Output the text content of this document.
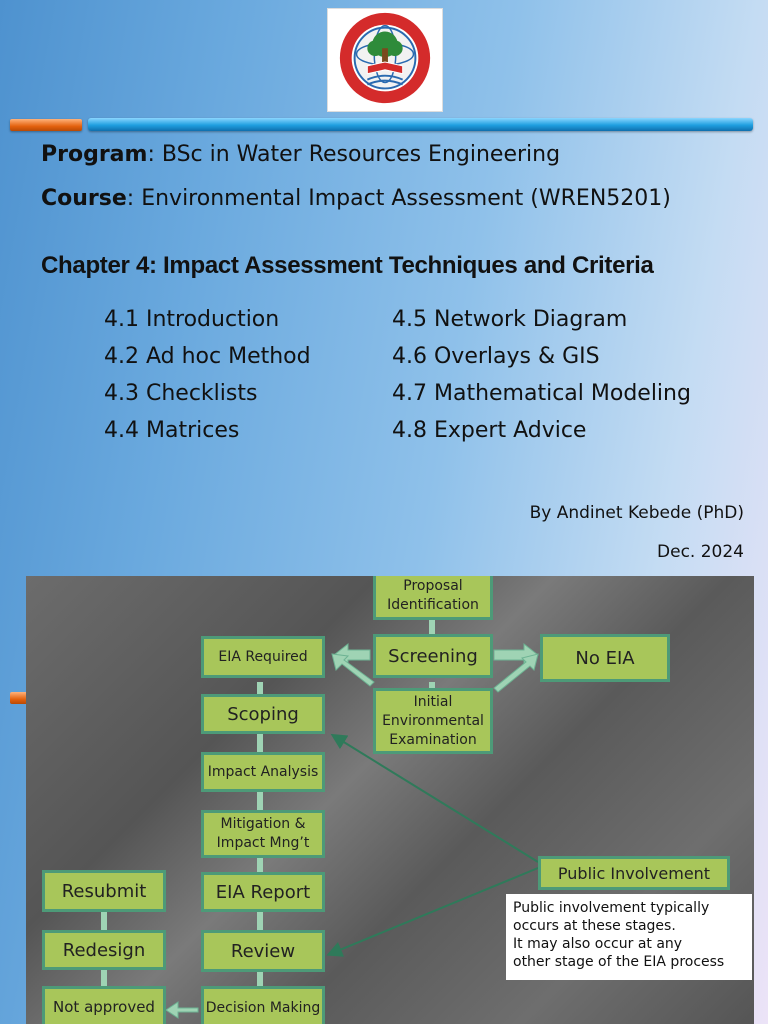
Program: BSc in Water Resources Engineering
Course: Environmental Impact Assessment (WREN5201)
Chapter 4: Impact Assessment Techniques and Criteria
4.1 Introduction
4.2 Ad hoc Method
4.3 Checklists
4.4 Matrices
4.5 Network Diagram
4.6 Overlays & GIS
4.7 Mathematical Modeling
4.8 Expert Advice
By Andinet Kebede (PhD)
Dec. 2024
Proposal
Identification
Screening	No EIA
EIA Required
Initial
Environmental
Examination
Scoping
Impact Analysis
Mitigation &
Impact Mng’t
EIA Report
Review
Decision Making
Resubmit
Redesign
Not approved
Public Involvement
Public involvement typically
occurs at these stages.
It may also occur at any
other stage of the EIA process
